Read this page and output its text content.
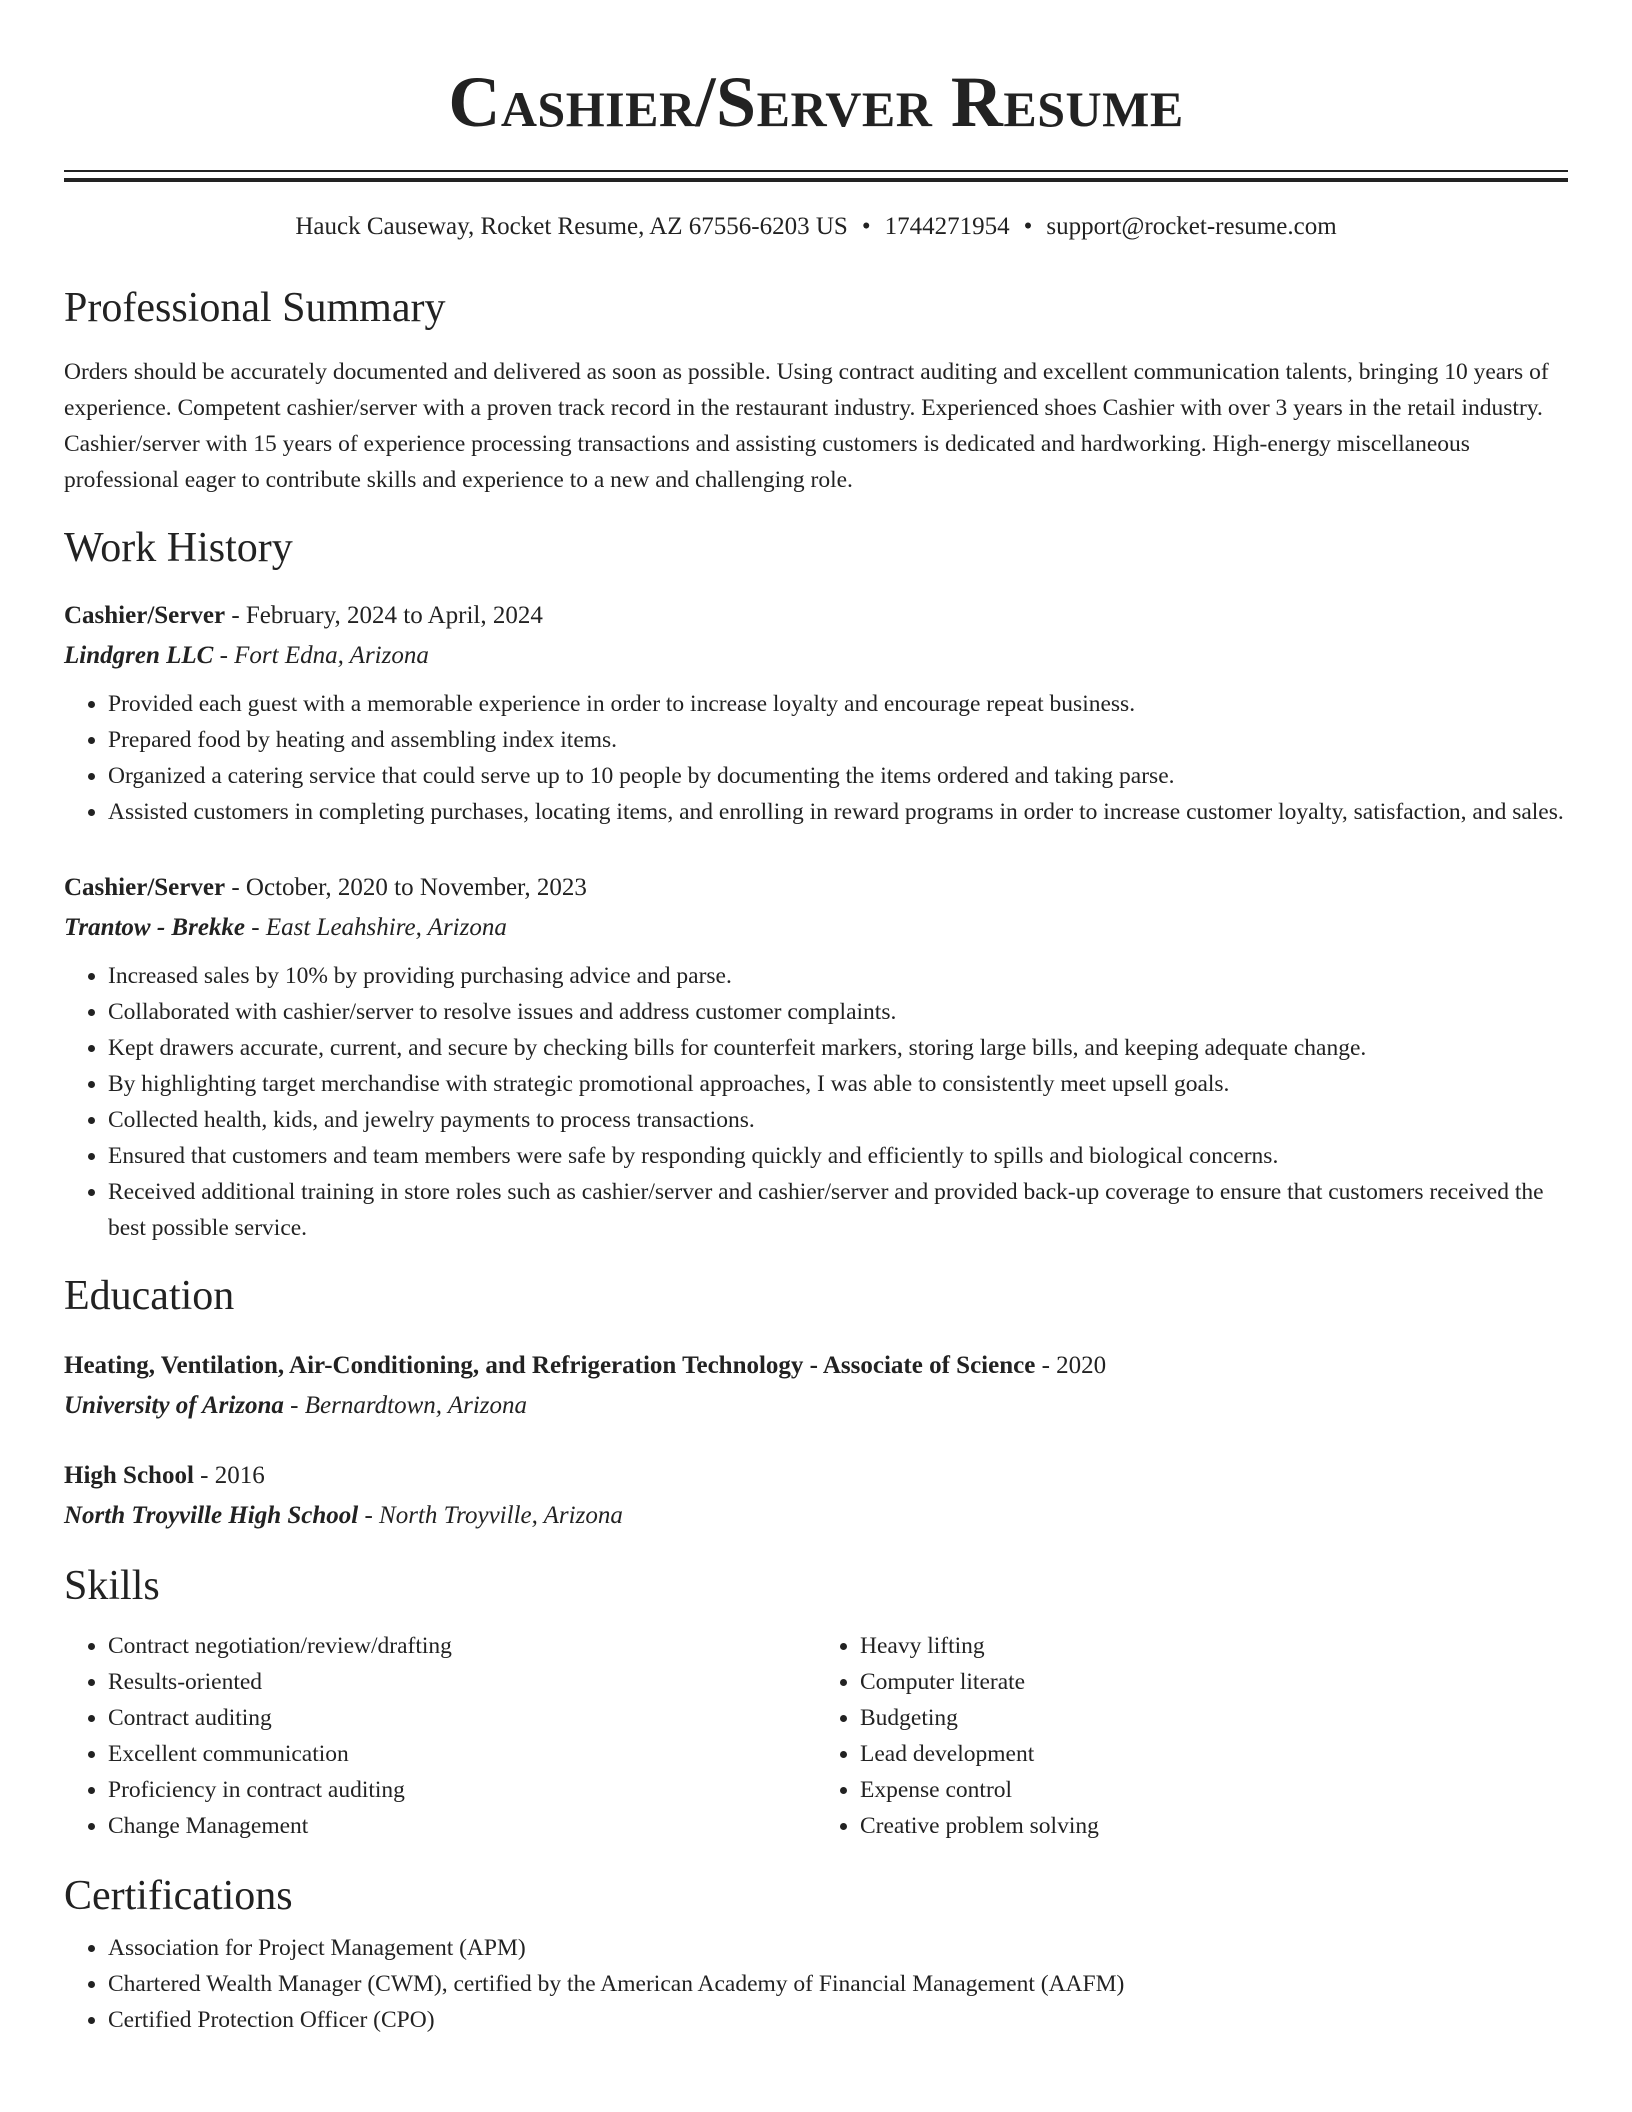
Cashier/Server Resume
Hauck Causeway, Rocket Resume, AZ 67556-6203 US • 1744271954 • support@rocket-resume.com
Professional Summary
Orders should be accurately documented and delivered as soon as possible. Using contract auditing and excellent communication talents, bringing 10 years of experience. Competent cashier/server with a proven track record in the restaurant industry. Experienced shoes Cashier with over 3 years in the retail industry. Cashier/server with 15 years of experience processing transactions and assisting customers is dedicated and hardworking. High-energy miscellaneous professional eager to contribute skills and experience to a new and challenging role.
Work History
Cashier/Server - February, 2024 to April, 2024
Lindgren LLC - Fort Edna, Arizona
• Provided each guest with a memorable experience in order to increase loyalty and encourage repeat business.
• Prepared food by heating and assembling index items.
• Organized a catering service that could serve up to 10 people by documenting the items ordered and taking parse.
• Assisted customers in completing purchases, locating items, and enrolling in reward programs in order to increase customer loyalty, satisfaction, and sales.
Cashier/Server - October, 2020 to November, 2023
Trantow - Brekke - East Leahshire, Arizona
• Increased sales by 10% by providing purchasing advice and parse.
• Collaborated with cashier/server to resolve issues and address customer complaints.
• Kept drawers accurate, current, and secure by checking bills for counterfeit markers, storing large bills, and keeping adequate change.
• By highlighting target merchandise with strategic promotional approaches, I was able to consistently meet upsell goals.
• Collected health, kids, and jewelry payments to process transactions.
• Ensured that customers and team members were safe by responding quickly and efficiently to spills and biological concerns.
• Received additional training in store roles such as cashier/server and cashier/server and provided back-up coverage to ensure that customers received the best possible service.
Education
Heating, Ventilation, Air-Conditioning, and Refrigeration Technology - Associate of Science - 2020
University of Arizona - Bernardtown, Arizona
High School - 2016
North Troyville High School - North Troyville, Arizona
Skills
• Contract negotiation/review/drafting
• Results-oriented
• Contract auditing
• Excellent communication
• Proficiency in contract auditing
• Change Management
• Heavy lifting
• Computer literate
• Budgeting
• Lead development
• Expense control
• Creative problem solving
Certifications
• Association for Project Management (APM)
• Chartered Wealth Manager (CWM), certified by the American Academy of Financial Management (AAFM)
• Certified Protection Officer (CPO)
